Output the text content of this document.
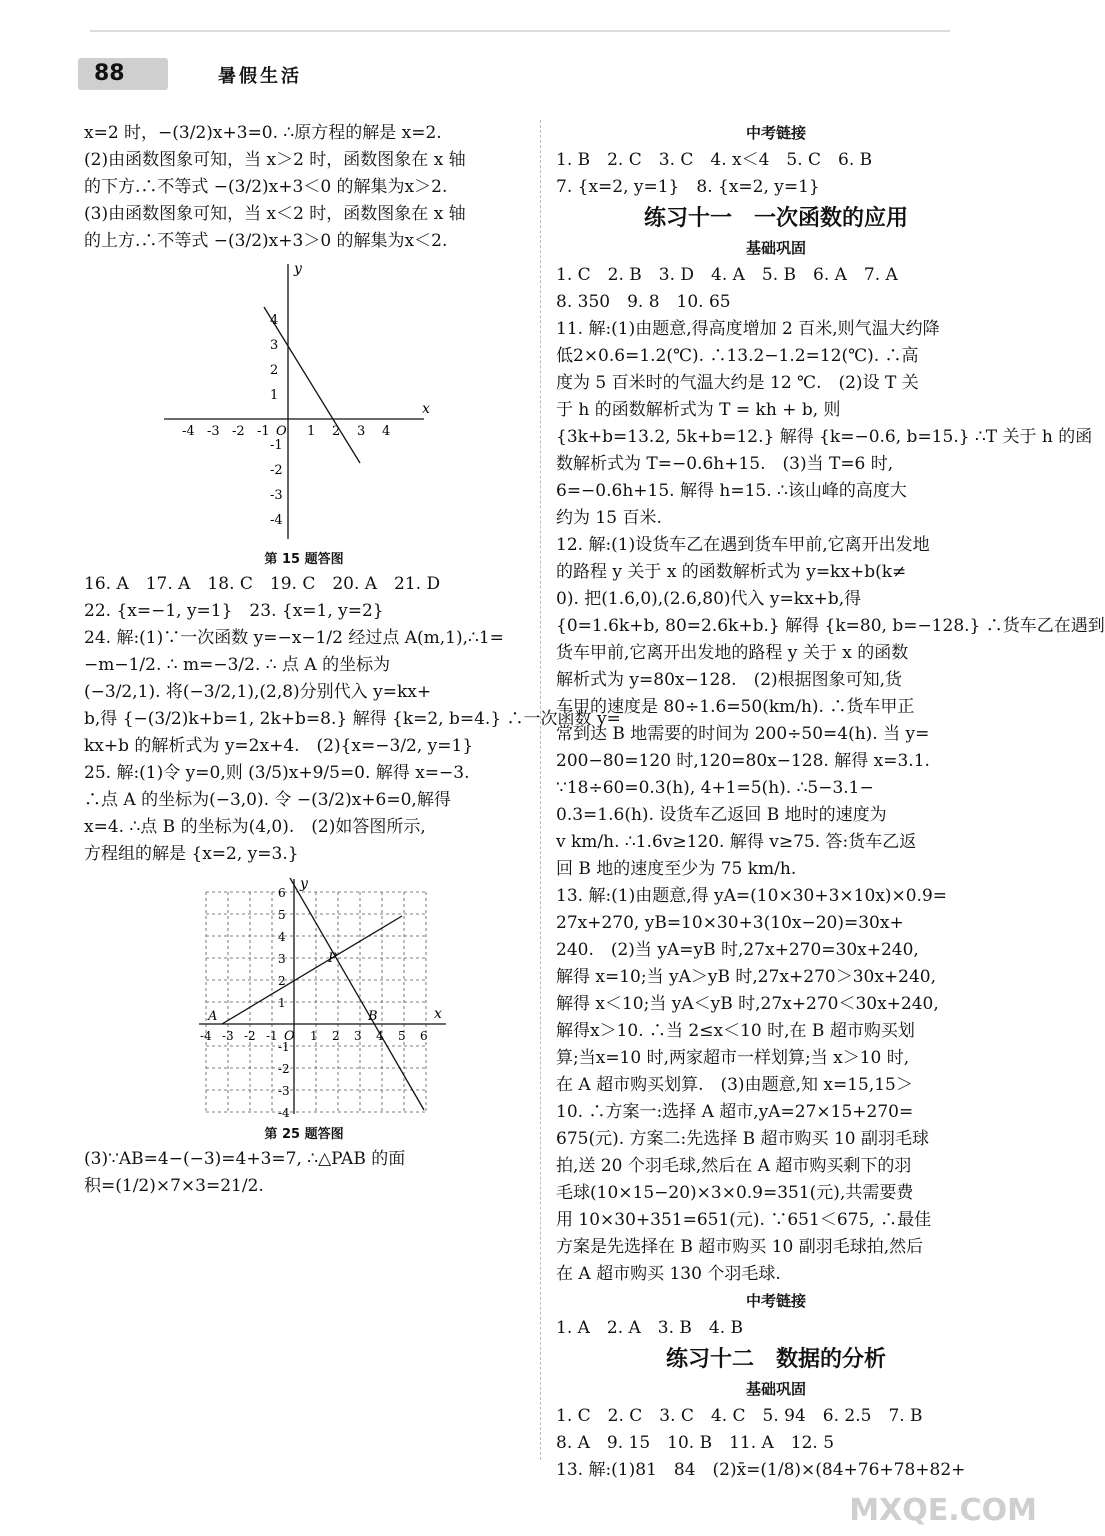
88	暑假生活
x=2 时，−(3/2)x+3=0. ∴原方程的解是 x=2.
(2)由函数图象可知，当 x＞2 时，函数图象在 x 轴
的下方.∴不等式 −(3/2)x+3＜0 的解集为x＞2.
(3)由函数图象可知，当 x＜2 时，函数图象在 x 轴
的上方.∴不等式 −(3/2)x+3＞0 的解集为x＜2.
-4 -3 -2 -1	1 2 3 4
4
3
2
1
-1
-2
-3
-4
x
y
O
第 15 题答图
16. A　17. A　18. C　19. C　20. A　21. D
22. {x=−1, y=1}　23. {x=1, y=2}
24. 解:(1)∵一次函数 y=−x−1/2 经过点 A(m,1),∴1=
−m−1/2. ∴ m=−3/2. ∴ 点 A 的坐标为
(−3/2,1). 将(−3/2,1),(2,8)分别代入 y=kx+
b,得 {−(3/2)k+b=1, 2k+b=8.} 解得 {k=2, b=4.} ∴一次函数 y=
kx+b 的解析式为 y=2x+4.　(2){x=−3/2, y=1}
25. 解:(1)令 y=0,则 (3/5)x+9/5=0. 解得 x=−3.
∴点 A 的坐标为(−3,0). 令 −(3/2)x+6=0,解得
x=4. ∴点 B 的坐标为(4,0).　(2)如答图所示,
方程组的解是 {x=2, y=3.}
-4 -3 -2 -1	1 2 3 4 5 6
6
5
4
3
2
1
-1
-2
-3
-4
x
y
O
A	B
P
第 25 题答图
(3)∵AB=4−(−3)=4+3=7, ∴△PAB 的面
积=(1/2)×7×3=21/2.
中考链接
1. B　2. C　3. C　4. x＜4　5. C　6. B
7. {x=2, y=1}　8. {x=2, y=1}
练习十一　一次函数的应用
基础巩固
1. C　2. B　3. D　4. A　5. B　6. A　7. A
8. 350　9. 8　10. 65
11. 解:(1)由题意,得高度增加 2 百米,则气温大约降
低2×0.6=1.2(℃). ∴13.2−1.2=12(℃). ∴高
度为 5 百米时的气温大约是 12 ℃.　(2)设 T 关
于 h 的函数解析式为 T = kh + b, 则
{3k+b=13.2, 5k+b=12.} 解得 {k=−0.6, b=15.} ∴T 关于 h 的函
数解析式为 T=−0.6h+15.　(3)当 T=6 时,
6=−0.6h+15. 解得 h=15. ∴该山峰的高度大
约为 15 百米.
12. 解:(1)设货车乙在遇到货车甲前,它离开出发地
的路程 y 关于 x 的函数解析式为 y=kx+b(k≠
0). 把(1.6,0),(2.6,80)代入 y=kx+b,得
{0=1.6k+b, 80=2.6k+b.} 解得 {k=80, b=−128.} ∴货车乙在遇到
货车甲前,它离开出发地的路程 y 关于 x 的函数
解析式为 y=80x−128.　(2)根据图象可知,货
车甲的速度是 80÷1.6=50(km/h). ∴货车甲正
常到达 B 地需要的时间为 200÷50=4(h). 当 y=
200−80=120 时,120=80x−128. 解得 x=3.1.
∵18÷60=0.3(h), 4+1=5(h). ∴5−3.1−
0.3=1.6(h). 设货车乙返回 B 地时的速度为
v km/h. ∴1.6v≥120. 解得 v≥75. 答:货车乙返
回 B 地的速度至少为 75 km/h.
13. 解:(1)由题意,得 yA=(10×30+3×10x)×0.9=
27x+270, yB=10×30+3(10x−20)=30x+
240.　(2)当 yA=yB 时,27x+270=30x+240,
解得 x=10;当 yA＞yB 时,27x+270＞30x+240,
解得 x＜10;当 yA＜yB 时,27x+270＜30x+240,
解得x＞10. ∴当 2≤x＜10 时,在 B 超市购买划
算;当x=10 时,两家超市一样划算;当 x＞10 时,
在 A 超市购买划算.　(3)由题意,知 x=15,15＞
10. ∴方案一:选择 A 超市,yA=27×15+270=
675(元). 方案二:先选择 B 超市购买 10 副羽毛球
拍,送 20 个羽毛球,然后在 A 超市购买剩下的羽
毛球(10×15−20)×3×0.9=351(元),共需要费
用 10×30+351=651(元). ∵651＜675, ∴最佳
方案是先选择在 B 超市购买 10 副羽毛球拍,然后
在 A 超市购买 130 个羽毛球.
中考链接
1. A　2. A　3. B　4. B
练习十二　数据的分析
基础巩固
1. C　2. C　3. C　4. C　5. 94　6. 2.5　7. B
8. A　9. 15　10. B　11. A　12. 5
13. 解:(1)81　84　(2)x̄=(1/8)×(84+76+78+82+
MXQE.COM
